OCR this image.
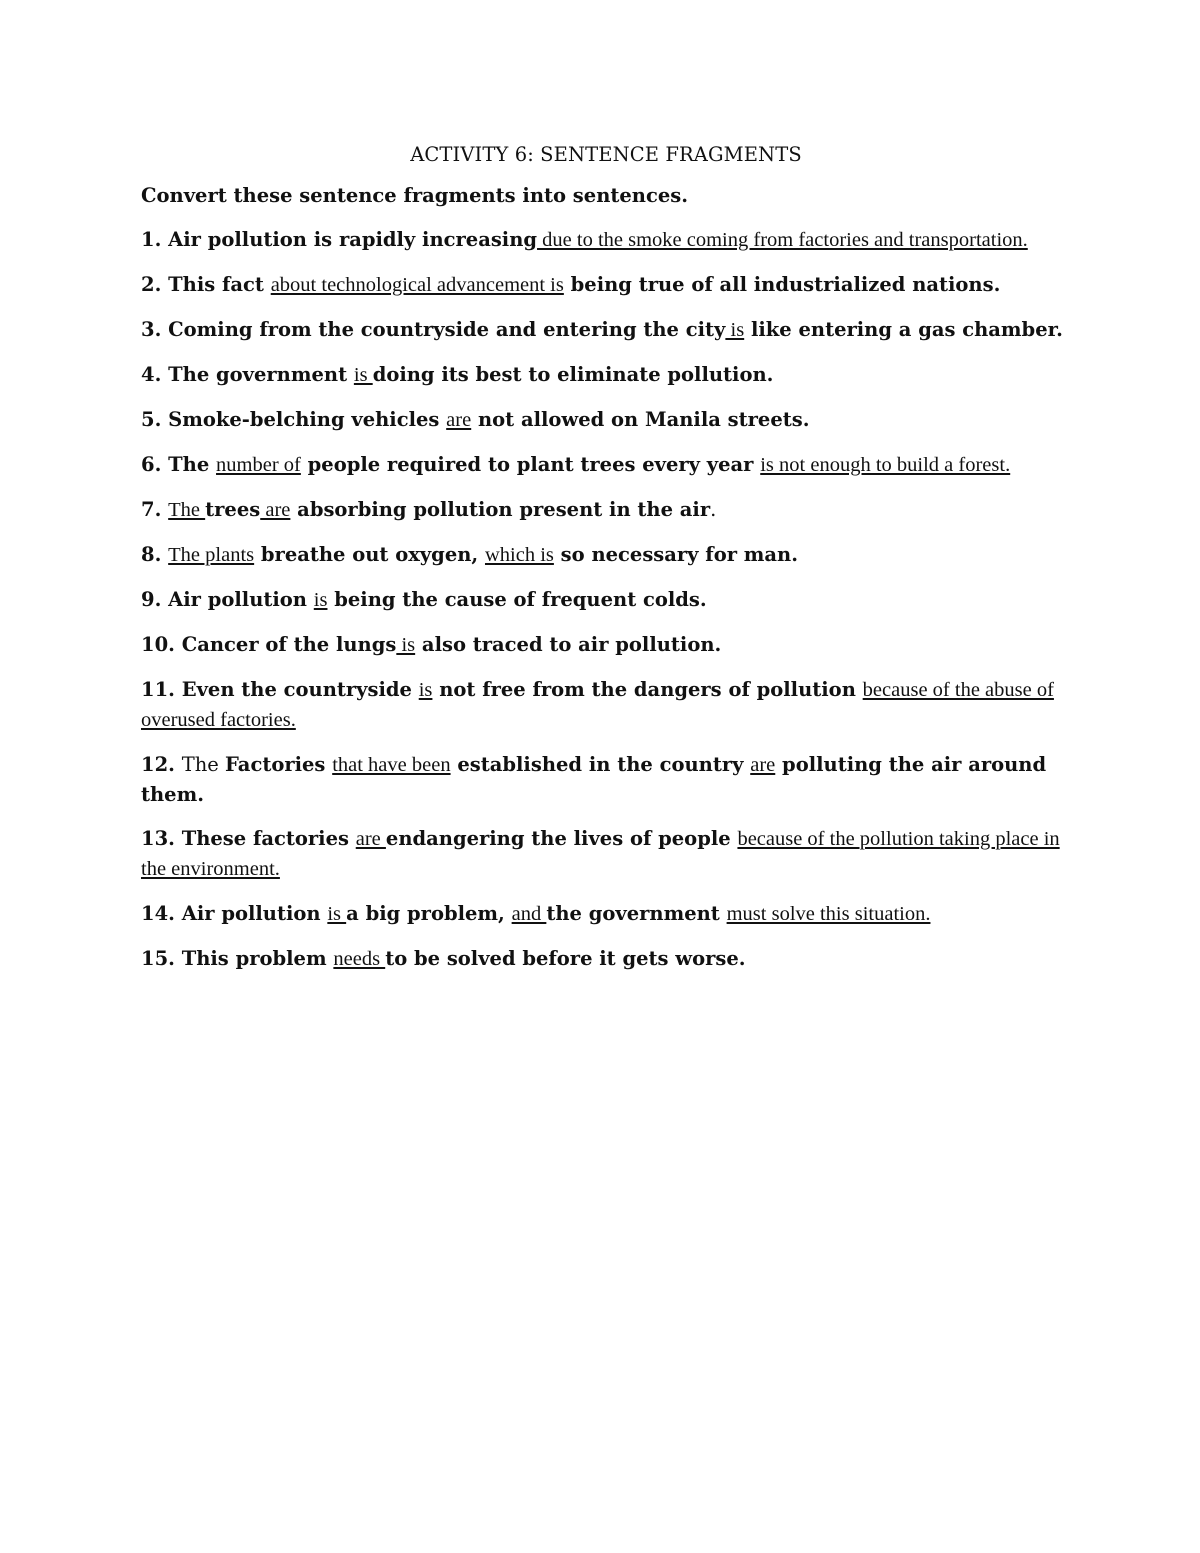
ACTIVITY 6: SENTENCE FRAGMENTS
Convert these sentence fragments into sentences.
1. Air pollution is rapidly increasing due to the smoke coming from factories and transportation.
2. This fact about technological advancement is being true of all industrialized nations.
3. Coming from the countryside and entering the city is like entering a gas chamber.
4. The government is doing its best to eliminate pollution.
5. Smoke-belching vehicles are not allowed on Manila streets.
6. The number of people required to plant trees every year is not enough to build a forest.
7. The trees are absorbing pollution present in the air.
8. The plants breathe out oxygen, which is so necessary for man.
9. Air pollution is being the cause of frequent colds.
10. Cancer of the lungs is also traced to air pollution.
11. Even the countryside is not free from the dangers of pollution because of the abuse of overused factories.
12. The Factories that have been established in the country are polluting the air around them.
13. These factories are endangering the lives of people because of the pollution taking place in the environment.
14. Air pollution is a big problem, and the government must solve this situation.
15. This problem needs to be solved before it gets worse.
